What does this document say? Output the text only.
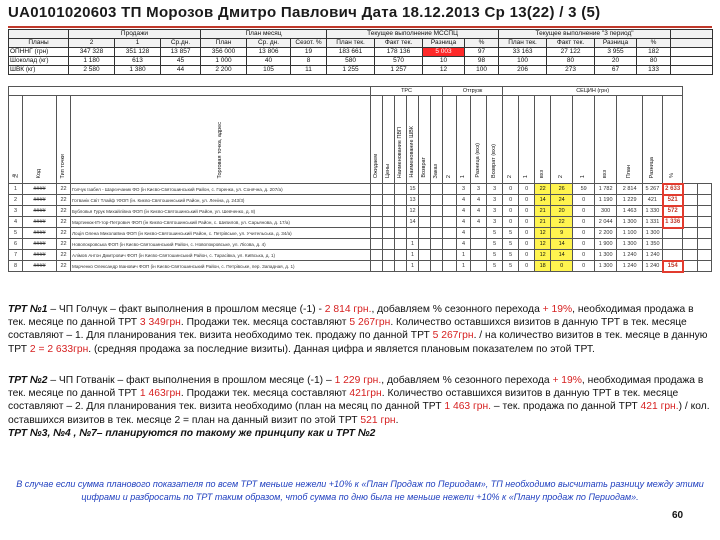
UA0101020603 ТП Морозов Дмитро Павлович Дата 18.12.2013 Ср 13(22) / 3 (5)
	Продажи			План месяц			Текущее выполнение МССПЦ				Текущее выполнение "3 период"				
Планы	2	1	Ср.дн.	План	Ср. дн.	Сезот. %	План тек.	Факт тек.	Разница	%	План тек.	Факт тек.	Разница	%	
ОПННГ (грн)	347 328	351 128	13 857	356 000	13 806	19	183 661	178 136	5 003	97	33 163	27 122	3 955	182	
Шоколад (кг)	1 180	613	45	1 000	40	8	580	570	10	98	100	80	20	80	
ШВК (кг)	2 580	1 380	44	2 200	105	11	1 255	1 257	12	100	206	273	67	133	
				ТРС						Отгрузк				СЕЦИН (грн)										
№	Код	Тип точки	Торговая точка, адрес	Ожидаем	Цены	Наименование ПВП	Наименование ШВК	Возврат	Заказ	2	1	Разница (вхз)	Возврат (вхз)	2	1	вхз	2	1	вхз	План	Разница	%		
1	####	22	Голчук Ізабел - Шарєнчаник ФО (ін Києво-Святошинський Район, с. Горенка, ул. Сонячна, д. 207/а)				15				3	3	3	0	0	22	26	59	1 782	2 814	5 267	2 633		
2	####	22	Готванік Світ Тлайф тФОП (ін. Києво-Святошинський Район, ул. Леніна, д. 243/3)				13				4	4	3	0	0	14	24	0	1 190	1 229	421	521		
3	####	22	Бубловья Гурук Михайлівна ФОП (ін Києво-Святошинський Район, ул. Шевченко, д. 8)				12				4	4	3	0	0	21	20	0	300	1 463	1 330	572		
4	####	22	Мартинюк-ІП-тор-Петрович ФОП (ін Києво-Святошинський Район, с. Шипилов, ул. Сарьянова, д. 17/а)				14				4	4	3	0	0	21	22	0	2 044	1 300	1 331	1 336		
5	####	22	Лоція Олена Миколаївна ФОП (ін Києво-Святошинський Район, с. Петрівське, ул. Учительська, д. 34/а)								4		5	5	0	12	9	0	2 200	1 100	1 300			
6	####	22	Новопокровська ФОП (ін Києво-Святошинський Район, с. Новопокровське, ул. Лісова, д. 4)				1				4		5	5	0	12	14	0	1 900	1 300	1 350			
7	####	22	Алімов Антон Дмитрович ФОП (ін Києво-Святошинський Район, с. Тарасівка, ул. Київська, д. 1)				1				1		5	5	0	12	14	0	1 300	1 240	1 240			
8	####	22	Марченко Олександр Іванович ФОП (ін Києво-Святошинський Район, с. Петрівське, пер. Западная, д. 1)				1				1		5	5	0	18	0	0	1 300	1 240	1 240	154		
ТРТ №1 – ЧП Голчук – факт выполнения в прошлом месяце (-1) - 2 814 грн., добавляем % сезонного перехода + 19%, необходимая продажа в тек. месяце по данной ТРТ 3 349грн. Продажи тек. месяца составляют 5 267грн. Количество оставшихся визитов в данную ТРТ в тек. месяце составляют – 1. Для планирования тек. визита необходимо тек. продажу по данной ТРТ 5 267грн. / на количество визитов в тек. месяце в данную ТРТ 2 = 2 633грн. (средняя продажа за последние визиты). Данная цифра и является плановым показателем по этой ТРТ.
ТРТ №2 – ЧП Готванік – факт выполнения в прошлом месяце (-1) – 1 229 грн., добавляем % сезонного перехода + 19%, необходимая продажа в тек. месяце по данной ТРТ 1 463грн. Продажи тек. месяца составляют 421грн. Количество оставшихся визитов в данную ТРТ в тек. месяце составляют – 2. Для планирования тек. визита необходимо (план на месяц по данной ТРТ 1 463 грн. – тек. продажа по данной ТРТ 421 грн.) / кол. оставшихся визитов в тек. месяце 2 = план на данный визит по этой ТРТ 521 грн.
ТРТ №3, №4 , №7– планируются по такому же принципу как и ТРТ №2
В случае если сумма планового показателя по всем ТРТ меньше нежели +10% к «План Продаж по Периодам», ТП необходимо высчитать разницу между этими цифрами и разбросать по ТРТ таким образом, чтоб сумма по дню была не меньше нежели +10% к «Плану продаж по Периодам».
60
